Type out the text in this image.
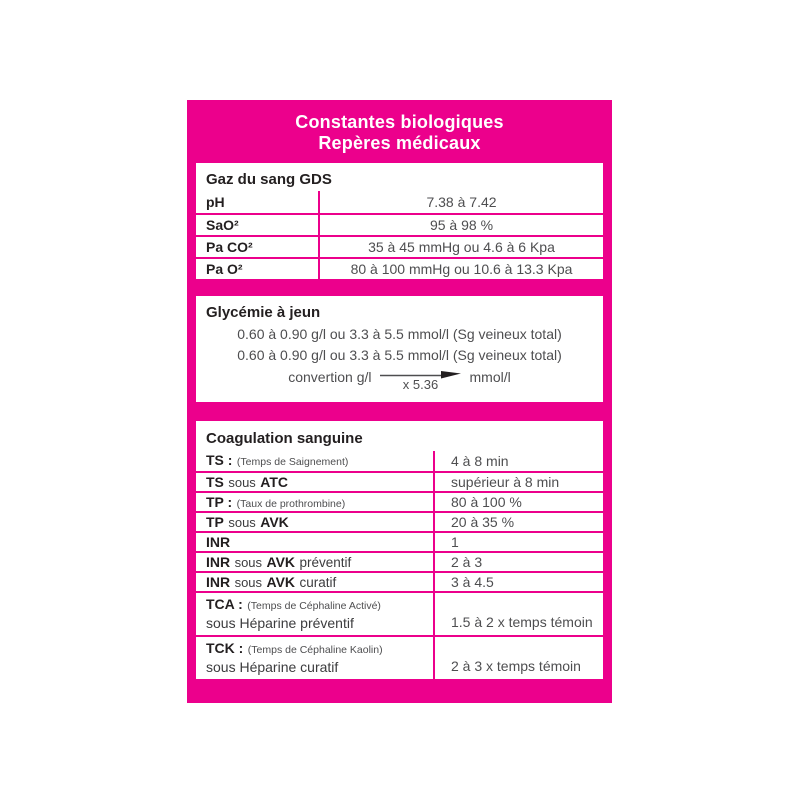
Constantes biologiques
Repères médicaux
Gaz du sang GDS
pH	7.38 à 7.42
SaO²	95 à 98 %
Pa CO²	35 à 45 mmHg ou 4.6 à 6 Kpa
Pa O²	80 à 100 mmHg ou 10.6 à 13.3 Kpa
Glycémie à jeun
0.60 à 0.90 g/l ou 3.3 à 5.5 mmol/l (Sg veineux total)
0.60 à 0.90 g/l ou 3.3 à 5.5 mmol/l (Sg veineux total)
convertion g/l x 5.36 mmol/l
Coagulation sanguine
TS : (Temps de Saignement)	4 à 8 min
TS sous ATC	supérieur à 8 min
TP : (Taux de prothrombine)	80 à 100 %
TP sous AVK	20 à 35 %
INR	1
INR sous AVK préventif	2 à 3
INR sous AVK curatif	3 à 4.5
TCA : (Temps de Céphaline Activé)
sous Héparine préventif	1.5 à 2 x temps témoin
TCK : (Temps de Céphaline Kaolin)
sous Héparine curatif	2 à 3 x temps témoin
